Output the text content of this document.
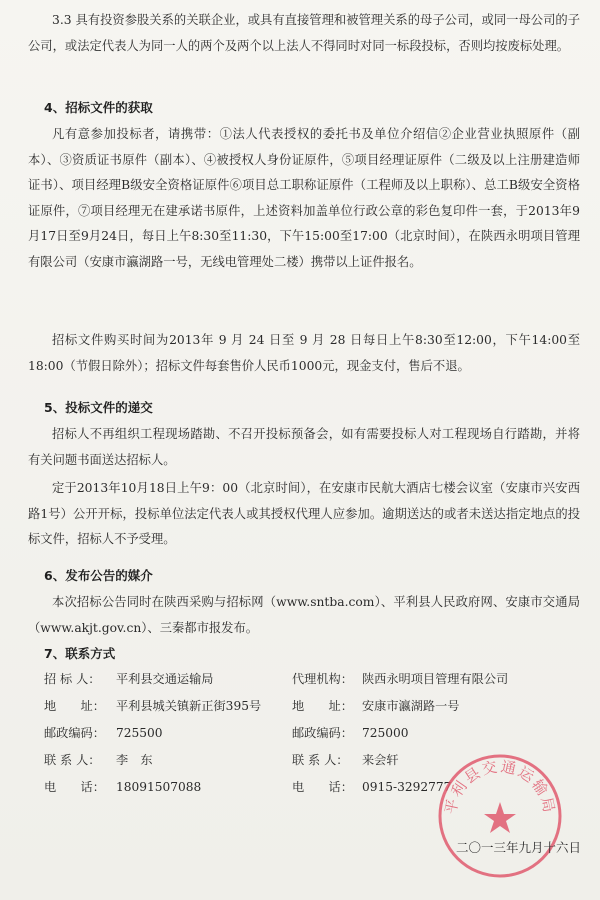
3.3 具有投资参股关系的关联企业，或具有直接管理和被管理关系的母子公司，或同一母公司的子公司，或法定代表人为同一人的两个及两个以上法人不得同时对同一标段投标，否则均按废标处理。
4、招标文件的获取
凡有意参加投标者，请携带：①法人代表授权的委托书及单位介绍信②企业营业执照原件（副本）、③资质证书原件（副本）、④被授权人身份证原件，⑤项目经理证原件（二级及以上注册建造师证书）、项目经理B级安全资格证原件⑥项目总工职称证原件（工程师及以上职称）、总工B级安全资格证原件，⑦项目经理无在建承诺书原件，上述资料加盖单位行政公章的彩色复印件一套，于2013年9月17日至9月24日，每日上午8:30至11:30，下午15:00至17:00（北京时间），在陕西永明项目管理有限公司（安康市瀛湖路一号，无线电管理处二楼）携带以上证件报名。
招标文件购买时间为2013年 9 月 24 日至 9 月 28 日每日上午8:30至12:00，下午14:00至18:00（节假日除外）；招标文件每套售价人民币1000元，现金支付，售后不退。
5、投标文件的递交
招标人不再组织工程现场踏勘、不召开投标预备会，如有需要投标人对工程现场自行踏勘，并将有关问题书面送达招标人。
定于2013年10月18日上午9：00（北京时间），在安康市民航大酒店七楼会议室（安康市兴安西路1号）公开开标，投标单位法定代表人或其授权代理人应参加。逾期送达的或者未送达指定地点的投标文件，招标人不予受理。
6、发布公告的媒介
本次招标公告同时在陕西采购与招标网（www.sntba.com）、平利县人民政府网、安康市交通局（www.akjt.gov.cn）、三秦都市报发布。
7、联系方式
招 标 人： 平利县交通运输局	代理机构： 陕西永明项目管理有限公司
地　　址： 平利县城关镇新正街395号	地　　址： 安康市瀛湖路一号
邮政编码： 725500	邮政编码： 725000
联 系 人： 李　东	联 系 人： 来会轩
电　　话： 18091507088	电　　话： 0915-3292777
平利县交通运输局
二〇一三年九月十六日
